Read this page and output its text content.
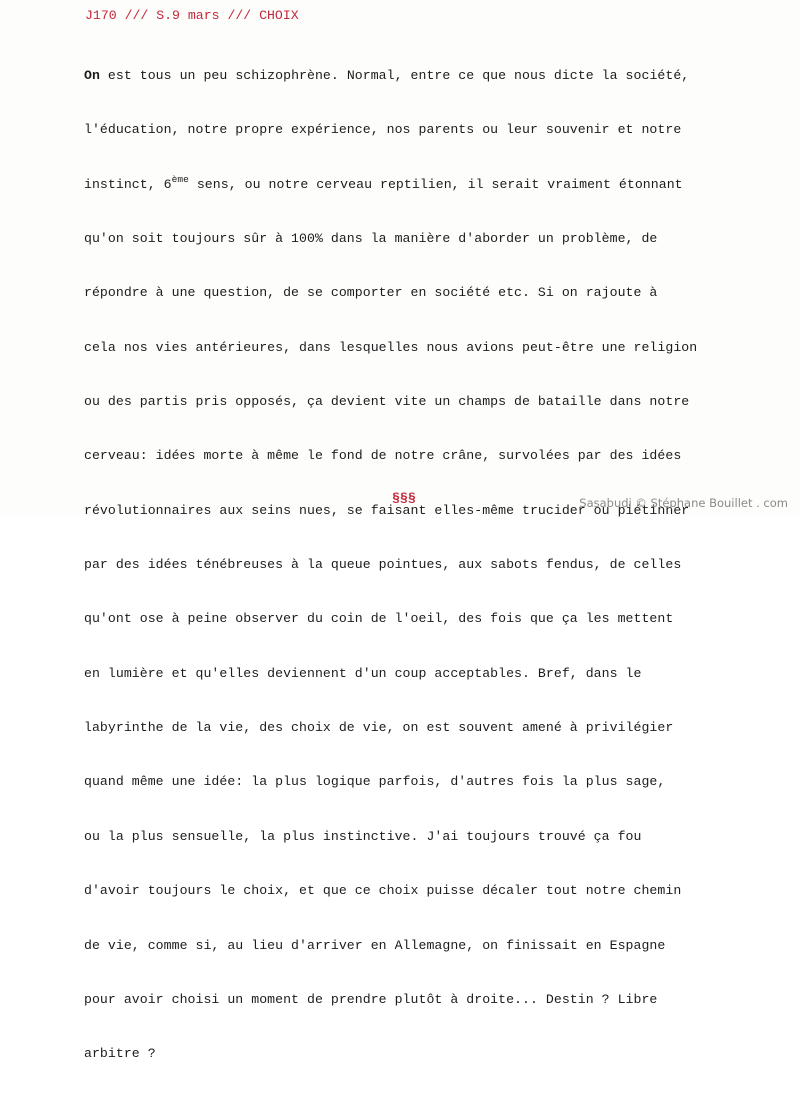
J170 /// S.9 mars /// CHOIX

On est tous un peu schizophrène. Normal, entre ce que nous dicte la société,

l'éducation, notre propre expérience, nos parents ou leur souvenir et notre

instinct, 6ème sens, ou notre cerveau reptilien, il serait vraiment étonnant

qu'on soit toujours sûr à 100% dans la manière d'aborder un problème, de

répondre à une question, de se comporter en société etc. Si on rajoute à

cela nos vies antérieures, dans lesquelles nous avions peut-être une religion

ou des partis pris opposés, ça devient vite un champs de bataille dans notre

cerveau: idées morte à même le fond de notre crâne, survolées par des idées

révolutionnaires aux seins nues, se faisant elles-même trucider ou piétinner

par des idées ténébreuses à la queue pointues, aux sabots fendus, de celles

qu'ont ose à peine observer du coin de l'oeil, des fois que ça les mettent

en lumière et qu'elles deviennent d'un coup acceptables. Bref, dans le

labyrinthe de la vie, des choix de vie, on est souvent amené à privilégier

quand même une idée: la plus logique parfois, d'autres fois la plus sage,

ou la plus sensuelle, la plus instinctive. J'ai toujours trouvé ça fou

d'avoir toujours le choix, et que ce choix puisse décaler tout notre chemin

de vie, comme si, au lieu d'arriver en Allemagne, on finissait en Espagne

pour avoir choisi un moment de prendre plutôt à droite... Destin ? Libre

arbitre ?

§§§	Sasabudi © Stéphane Bouillet . com
